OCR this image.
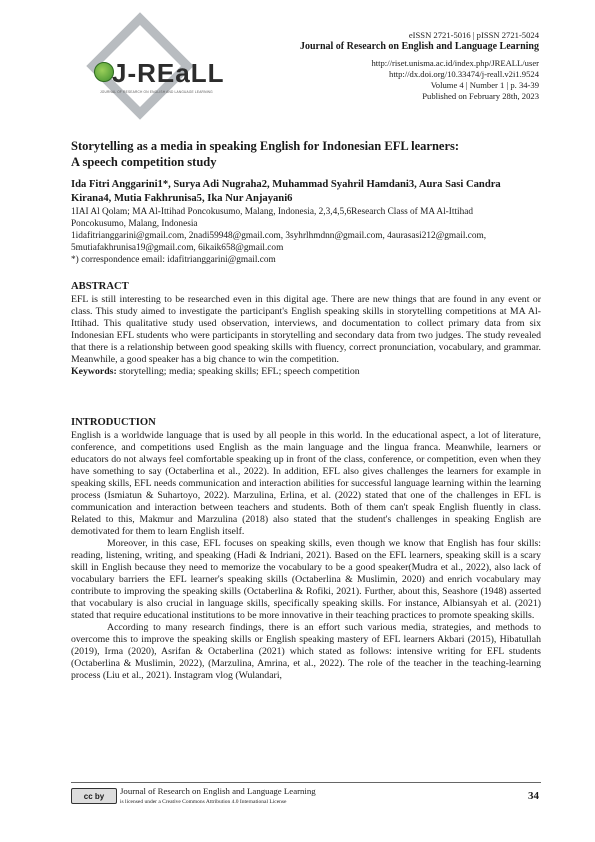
J-REaLL
JOURNAL OF RESEARCH ON ENGLISH AND LANGUAGE LEARNING
eISSN 2721-5016 | pISSN 2721-5024
Journal of Research on English and Language Learning
http://riset.unisma.ac.id/index.php/JREALL/user
http://dx.doi.org/10.33474/j-reall.v2i1.9524
Volume 4 | Number 1 | p. 34-39
Published on February 28th, 2023
Storytelling as a media in speaking English for Indonesian EFL learners:
A speech competition study
Ida Fitri Anggarini1*, Surya Adi Nugraha2, Muhammad Syahril Hamdani3, Aura Sasi Candra
Kirana4, Mutia Fakhrunisa5, Ika Nur Anjayani6
1IAI Al Qolam; MA Al-Ittihad Poncokusumo, Malang, Indonesia, 2,3,4,5,6Research Class of MA Al-Ittihad
Poncokusumo, Malang, Indonesia
1idafitrianggarini@gmail.com, 2nadi59948@gmail.com, 3syhrlhmdnn@gmail.com, 4aurasasi212@gmail.com,
5mutiafakhrunisa19@gmail.com, 6ikaik658@gmail.com
*) correspondence email: idafitrianggarini@gmail.com
ABSTRACT

EFL is still interesting to be researched even in this digital age. There are new things that are found in any event or class. This study aimed to investigate the participant's English speaking skills in storytelling competitions at MA Al-Ittihad. This qualitative study used observation, interviews, and documentation to collect primary data from six Indonesian EFL students who were participants in storytelling and secondary data from two judges. The study revealed that there is a relationship between good speaking skills with fluency, correct pronunciation, vocabulary, and grammar. Meanwhile, a good speaker has a big chance to win the competition.

Keywords: storytelling; media; speaking skills; EFL; speech competition

INTRODUCTION

English is a worldwide language that is used by all people in this world. In the educational aspect, a lot of literature, conference, and competitions used English as the main language and the lingua franca. Meanwhile, learners or educators do not always feel comfortable speaking up in front of the class, conference, or competition, even when they have something to say (Octaberlina et al., 2022). In addition, EFL also gives challenges the learners for example in speaking skills, EFL needs communication and interaction abilities for successful language learning within the learning process (Ismiatun & Suhartoyo, 2022). Marzulina, Erlina, et al. (2022) stated that one of the challenges in EFL is communication and interaction between teachers and students. Both of them can't speak English fluently in class. Related to this, Makmur and Marzulina (2018) also stated that the student's challenges in speaking English are demotivated for them to learn English itself.

Moreover, in this case, EFL focuses on speaking skills, even though we know that English has four skills: reading, listening, writing, and speaking (Hadi & Indriani, 2021). Based on the EFL learners, speaking skill is a scary skill in English because they need to memorize the vocabulary to be a good speaker(Mudra et al., 2022), also lack of vocabulary barriers the EFL learner's speaking skills (Octaberlina & Muslimin, 2020) and enrich vocabulary may contribute to improving the speaking skills (Octaberlina & Rofiki, 2021). Further, about this, Seashore (1948) asserted that vocabulary is also crucial in language skills, specifically speaking skills. For instance, Albiansyah et al. (2021) stated that require educational institutions to be more innovative in their teaching practices to promote speaking skills.

According to many research findings, there is an effort such various media, strategies, and methods to overcome this to improve the speaking skills or English speaking mastery of EFL learners Akbari (2015), Hibatullah (2019), Irma (2020), Asrifan & Octaberlina (2021) which stated as follows: intensive writing for EFL students (Octaberlina & Muslimin, 2022), (Marzulina, Amrina, et al., 2022). The role of the teacher in the teaching-learning process (Liu et al., 2021). Instagram vlog (Wulandari,

cc by	Journal of Research on English and Language Learning
is licensed under a Creative Commons Attribution 4.0 International License	34
